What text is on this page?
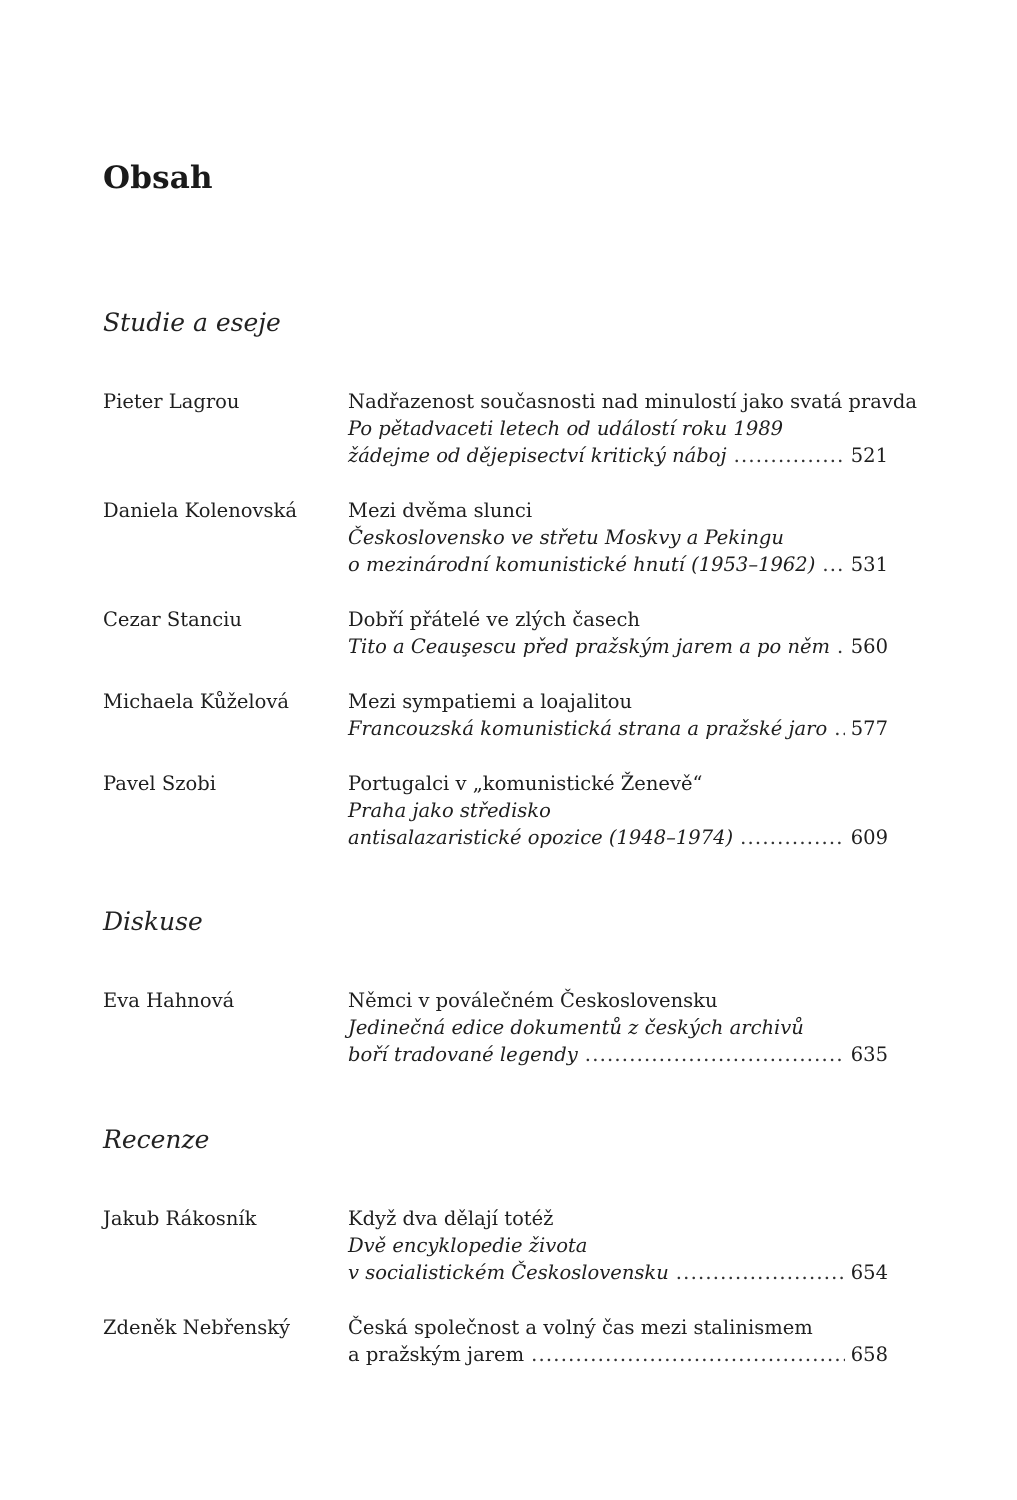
Obsah
Studie a eseje
Pieter Lagrou	Nadřazenost současnosti nad minulostí jako svatá pravda
Po pětadvaceti letech od událostí roku 1989
žádejme od dějepisectví kritický náboj .....	521
Daniela Kolenovská	Mezi dvěma slunci
Československo ve střetu Moskvy a Pekingu
o mezinárodní komunistické hnutí (1953–1962) ..... 531
Cezar Stanciu	Dobří přátelé ve zlých časech
Tito a Ceauşescu před pražským jarem a po něm ..... 560
Michaela Kůželová	Mezi sympatiemi a loajalitou
Francouzská komunistická strana a pražské jaro ..... 577
Pavel Szobi	Portugalci v „komunistické Ženevě“
Praha jako středisko
antisalazaristické opozice (1948–1974) .....	609
Diskuse
Eva Hahnová	Němci v poválečném Československu
Jedinečná edice dokumentů z českých archivů
boří tradované legendy .....	635
Recenze
Jakub Rákosník	Když dva dělají totéž
Dvě encyklopedie života
v socialistickém Československu .....	654
Zdeněk Nebřenský	Česká společnost a volný čas mezi stalinismem
a pražským jarem .....	658
